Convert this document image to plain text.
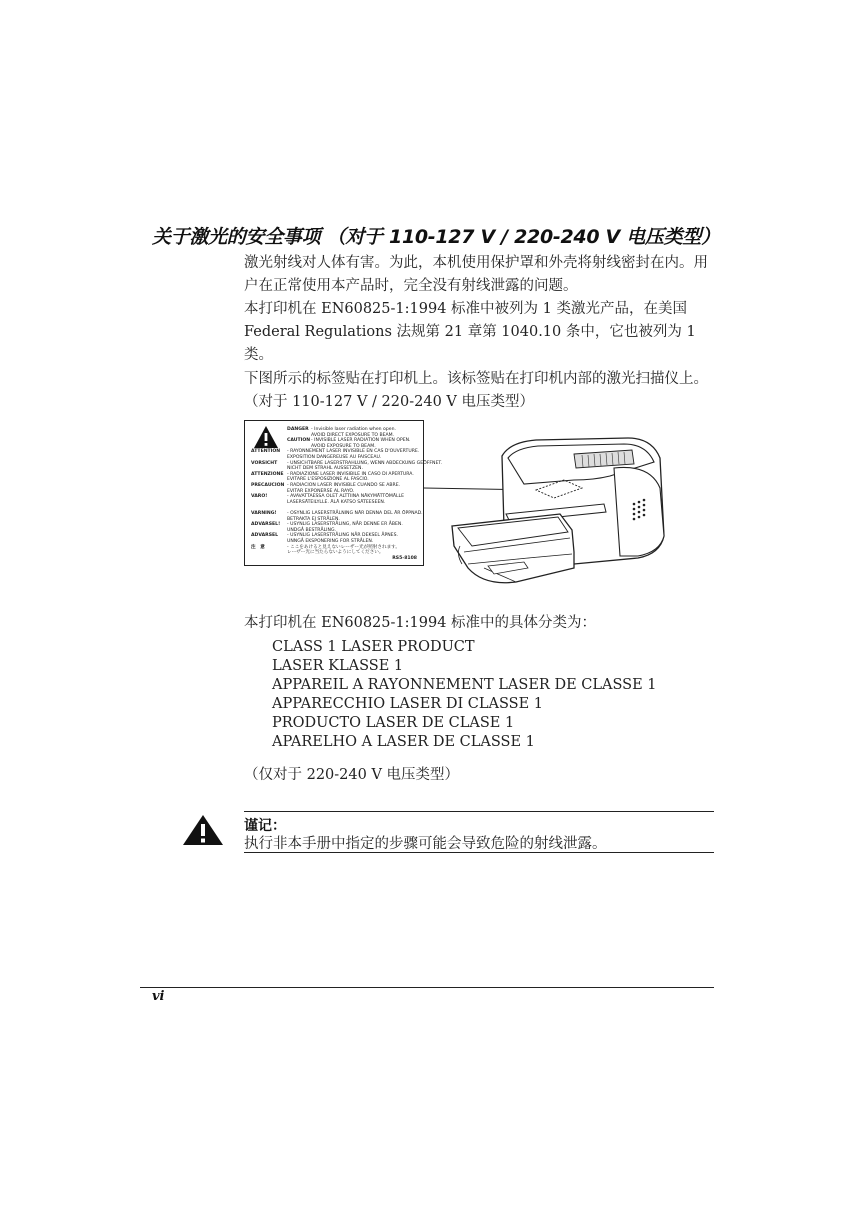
关于激光的安全事项 （对于 110-127 V / 220-240 V 电压类型）
激光射线对人体有害。为此，本机使用保护罩和外壳将射线密封在内。用户在正常使用本产品时，完全没有射线泄露的问题。
本打印机在 EN60825-1:1994 标准中被列为 1 类激光产品，在美国 Federal Regulations 法规第 21 章第 1040.10 条中，它也被列为 1 类。
下图所示的标签贴在打印机上。该标签贴在打印机内部的激光扫描仪上。（对于 110-127 V / 220-240 V 电压类型）
DANGER - Invisible laser radiation when open.
AVOID DIRECT EXPOSURE TO BEAM.
CAUTION - INVISIBLE LASER RADIATION WHEN OPEN.
AVOID EXPOSURE TO BEAM.
ATTENTION - RAYONNEMENT LASER INVISIBLE EN CAS D'OUVERTURE.
EXPOSITION DANGEREUSE AU FAISCEAU.
VORSICHT - UNSICHTBARE LASERSTRAHLUNG, WENN ABDECKUNG GEÖFFNET.
NICHT DEM STRAHL AUSSETZEN.
ATTENZIONE - RADIAZIONE LASER INVISIBILE IN CASO DI APERTURA.
EVITARE L'ESPOSIZIONE AL FASCIO.
PRECAUCION - RADIACION LASER INVISIBLE CUANDO SE ABRE.
EVITAR EXPONERSE AL RAYO.
VARO!	- AVAVATTAESSA OLET ALTTIINA NÄKYMÄTTÖMÄLLE
LASERSÄTEILYLLE. ÄLÄ KATSO SÄTEESEEN.
VARNING! - OSYNLIG LASERSTRÅLNING NÄR DENNA DEL ÄR ÖPPNAD.
BETRAKTA EJ STRÅLEN.
ADVARSEL! - USYNLIG LASERSTRÅLING, NÅR DENNE ER ÅBEN.
UNDGÅ BESTRÅLING.
ADVARSEL - USYNLIG LASERSTRÅLING NÅR DEKSEL ÅPNES.
UNNGÅ EKSPONERING FOR STRÅLEN.
注　意	- ここをあけると見えないレーザー光が照射されます。
レーザー光に当たらないようにしてください。
RS5-8108
本打印机在 EN60825-1:1994 标准中的具体分类为：
CLASS 1 LASER PRODUCT
LASER KLASSE 1
APPAREIL A RAYONNEMENT LASER DE CLASSE 1
APPARECCHIO LASER DI CLASSE 1
PRODUCTO LASER DE CLASE 1
APARELHO A LASER DE CLASSE 1
（仅对于 220-240 V 电压类型）
谨记：
执行非本手册中指定的步骤可能会导致危险的射线泄露。
vi
